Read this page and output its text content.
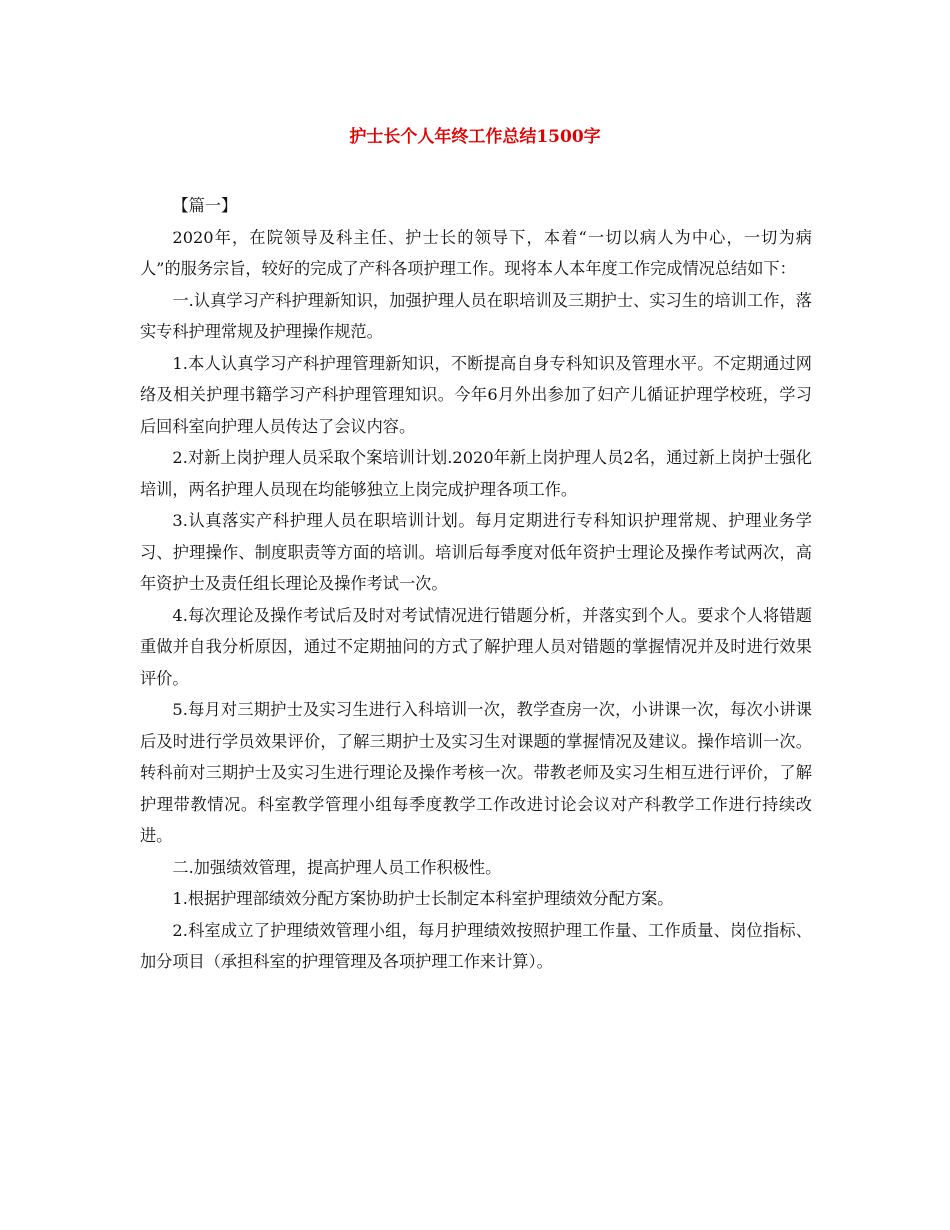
护士长个人年终工作总结1500字

【篇一】

2020年，在院领导及科主任、护士长的领导下，本着“一切以病人为中心，一切为病人”的服务宗旨，较好的完成了产科各项护理工作。现将本人本年度工作完成情况总结如下：

一.认真学习产科护理新知识，加强护理人员在职培训及三期护士、实习生的培训工作，落实专科护理常规及护理操作规范。

1.本人认真学习产科护理管理新知识，不断提高自身专科知识及管理水平。不定期通过网络及相关护理书籍学习产科护理管理知识。今年6月外出参加了妇产儿循证护理学校班，学习后回科室向护理人员传达了会议内容。

2.对新上岗护理人员采取个案培训计划.2020年新上岗护理人员2名，通过新上岗护士强化培训，两名护理人员现在均能够独立上岗完成护理各项工作。

3.认真落实产科护理人员在职培训计划。每月定期进行专科知识护理常规、护理业务学习、护理操作、制度职责等方面的培训。培训后每季度对低年资护士理论及操作考试两次，高年资护士及责任组长理论及操作考试一次。

4.每次理论及操作考试后及时对考试情况进行错题分析，并落实到个人。要求个人将错题重做并自我分析原因，通过不定期抽问的方式了解护理人员对错题的掌握情况并及时进行效果评价。

5.每月对三期护士及实习生进行入科培训一次，教学查房一次，小讲课一次，每次小讲课后及时进行学员效果评价，了解三期护士及实习生对课题的掌握情况及建议。操作培训一次。转科前对三期护士及实习生进行理论及操作考核一次。带教老师及实习生相互进行评价，了解护理带教情况。科室教学管理小组每季度教学工作改进讨论会议对产科教学工作进行持续改进。

二.加强绩效管理，提高护理人员工作积极性。

1.根据护理部绩效分配方案协助护士长制定本科室护理绩效分配方案。

2.科室成立了护理绩效管理小组，每月护理绩效按照护理工作量、工作质量、岗位指标、加分项目（承担科室的护理管理及各项护理工作来计算）。
